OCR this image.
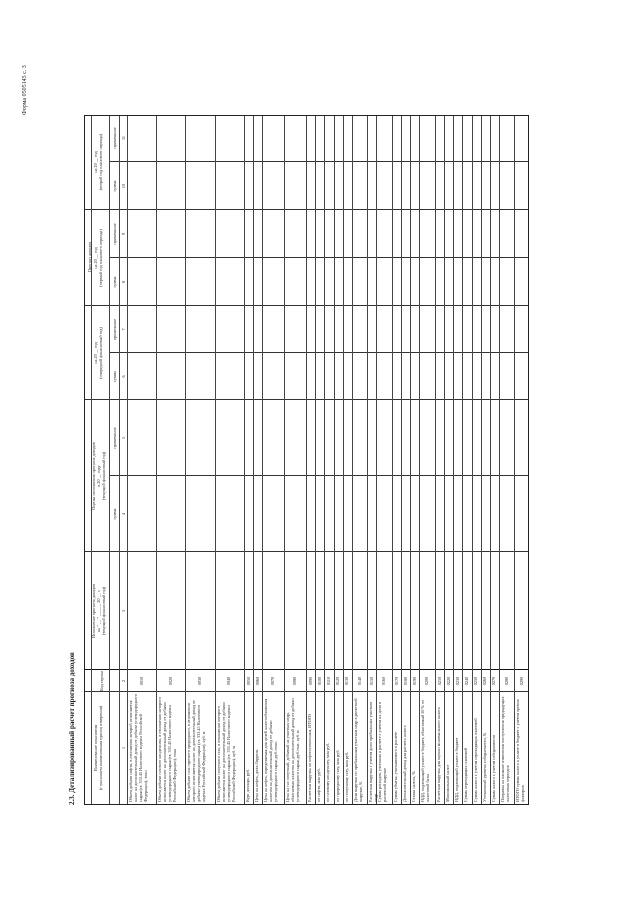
Форма 0505145 с. 3
2.3. Детализированный расчет прогноза доходов	Наименование показателя
(с указанием наименования единиц измерения)
Код строки
Исполнение прогноза доходов
на " __ " ______ 20 __ г.
(текущий финансовый год)
Оценка исполнения прогноза доходов
в 20 __ году
(текущий финансовый год)
Прогноз доходов
на 20 __ год
(очередной финансовый год)
на 20 __ год
(первый год планового периода)
на 20 __ год
(второй год планового периода)
сумма
примечание
сумма
примечание
сумма
примечание
сумма
примечание
1
2
3
4
5
6
7
8
9
10
11
Объем добычи нефти, в отношении которой исчисляется налог на дополнительный доход от добычи углеводородного сырья (ст. 333.45 Налогового кодекса Российской Федерации), тонн
0010
Объем добычи газового конденсата, в отношении которого исчисляется налог на дополнительный доход от добычи углеводородного сырья (ст. 333.45 Налогового кодекса Российской Федерации), тонн
0020
Объем добычи газа горючего природного, в отношении которого исчисляется налог на дополнительный доход от добычи углеводородного сырья (ст. 333.45 Налогового кодекса Российской Федерации), куб. м
0030
Объем добычи попутного газа, в отношении которого исчисляется налог на дополнительный доход от добычи углеводородного сырья (ст. 333.45 Налогового кодекса Российской Федерации), куб. м
0040
Курс доллара, руб.
0050
Цена на нефть, долл./баррель
0060
Цена на нефть, определяемая для целей налогообложения налогом на дополнительный доход от добычи углеводородного сырья, руб./тонн
0070
Цена на газ попутный, добытый на участках недр, облагаемых налогом на дополнительный доход от добычи углеводородного сырья, руб./тыс. куб. м
0080
Расчетная выручка по нефтегазоносным, ИТОГО
0090
по нефти, млн руб.
0100
по газовому конденсату, млн руб.
0110
по природному газу, млн руб.
0120
по попутному газу, млн руб.
0130
Доля выручки по прибыльным участкам недр в расчетной выручке, %
0140
Расчетная выручка с учетом доли прибыльных участков недр
0150
Сумма расходов, учтенных в расчете с учетом их доли в расчетной выручке
0160
Сумма убытка, учитываемого в расчете
0170
Дополнительный доход для расчета налога
0180
Ставка налога, %
0190
НДД, подлежащий уплате в бюджет, облагаемый 50 % от налоговой базы
0200
Расчетная выручка для оценки минимального налога
0210
Минимальный налог
0220
НДД, подлежащий уплате в бюджет
0230
Сумма переходящих платежей
0240
Сумма налога с учетом переходящих платежей
0250
Уточненный уровень собираемости, %
0260
Сумма налога с учетом собираемости
0270
Поправка на влияние изменения поступления предыдущих налоговых периодов
0280
ИТОГО сумма налога к уплате в бюджет с учетом прочих факторов
0290
